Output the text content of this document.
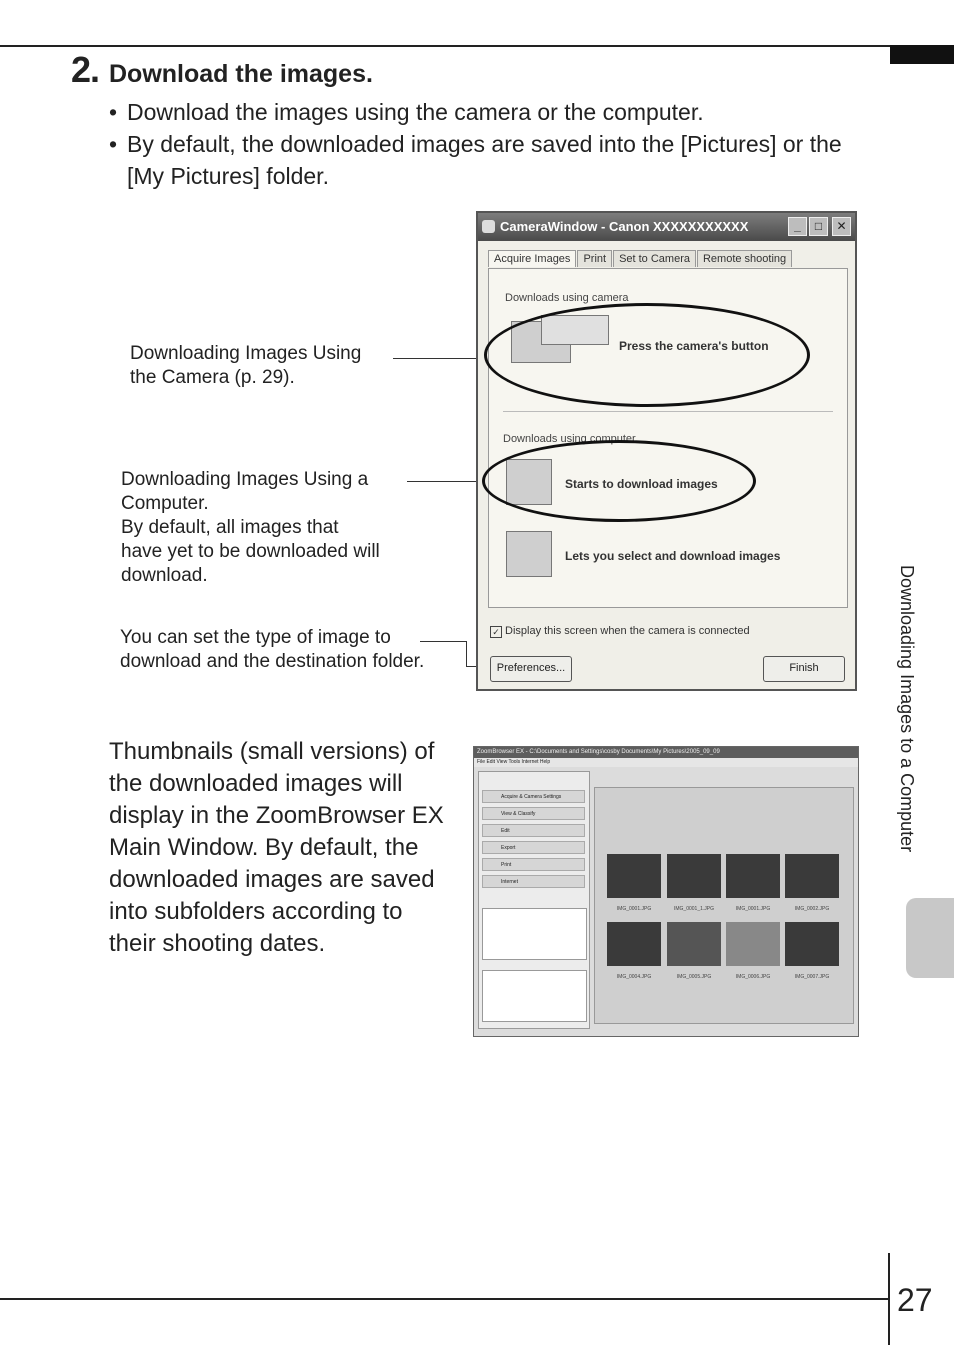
2. Download the images.
• Download the images using the camera or the computer.
• By default, the downloaded images are saved into the [Pictures] or the [My Pictures] folder.
Downloading Images Using the Camera (p. 29).
Downloading Images Using a Computer.
By default, all images that have yet to be downloaded will download.
You can set the type of image to download and the destination folder.
CameraWindow - Canon XXXXXXXXXXX	_	□	✕
Acquire Images Print Set to Camera Remote shooting
Downloads using camera
Press the camera's button
Downloads using computer
Starts to download images
Lets you select and download images
✓ Display this screen when the camera is connected
Preferences...	Finish
Thumbnails (small versions) of the downloaded images will display in the ZoomBrowser EX Main Window. By default, the downloaded images are saved into subfolders according to their shooting dates.
ZoomBrowser EX - C:\Documents and Settings\cosby Documents\My Pictures\2005_09_09
File Edit View Tools Internet Help
Acquire & Camera Settings
View & Classify
Edit
Export
Print
Internet
IMG_0001.JPG	IMG_0001_1.JPG	IMG_0001.JPG	IMG_0002.JPG
IMG_0004.JPG	IMG_0005.JPG	IMG_0006.JPG	IMG_0007.JPG
Downloading Images to a Computer
27
